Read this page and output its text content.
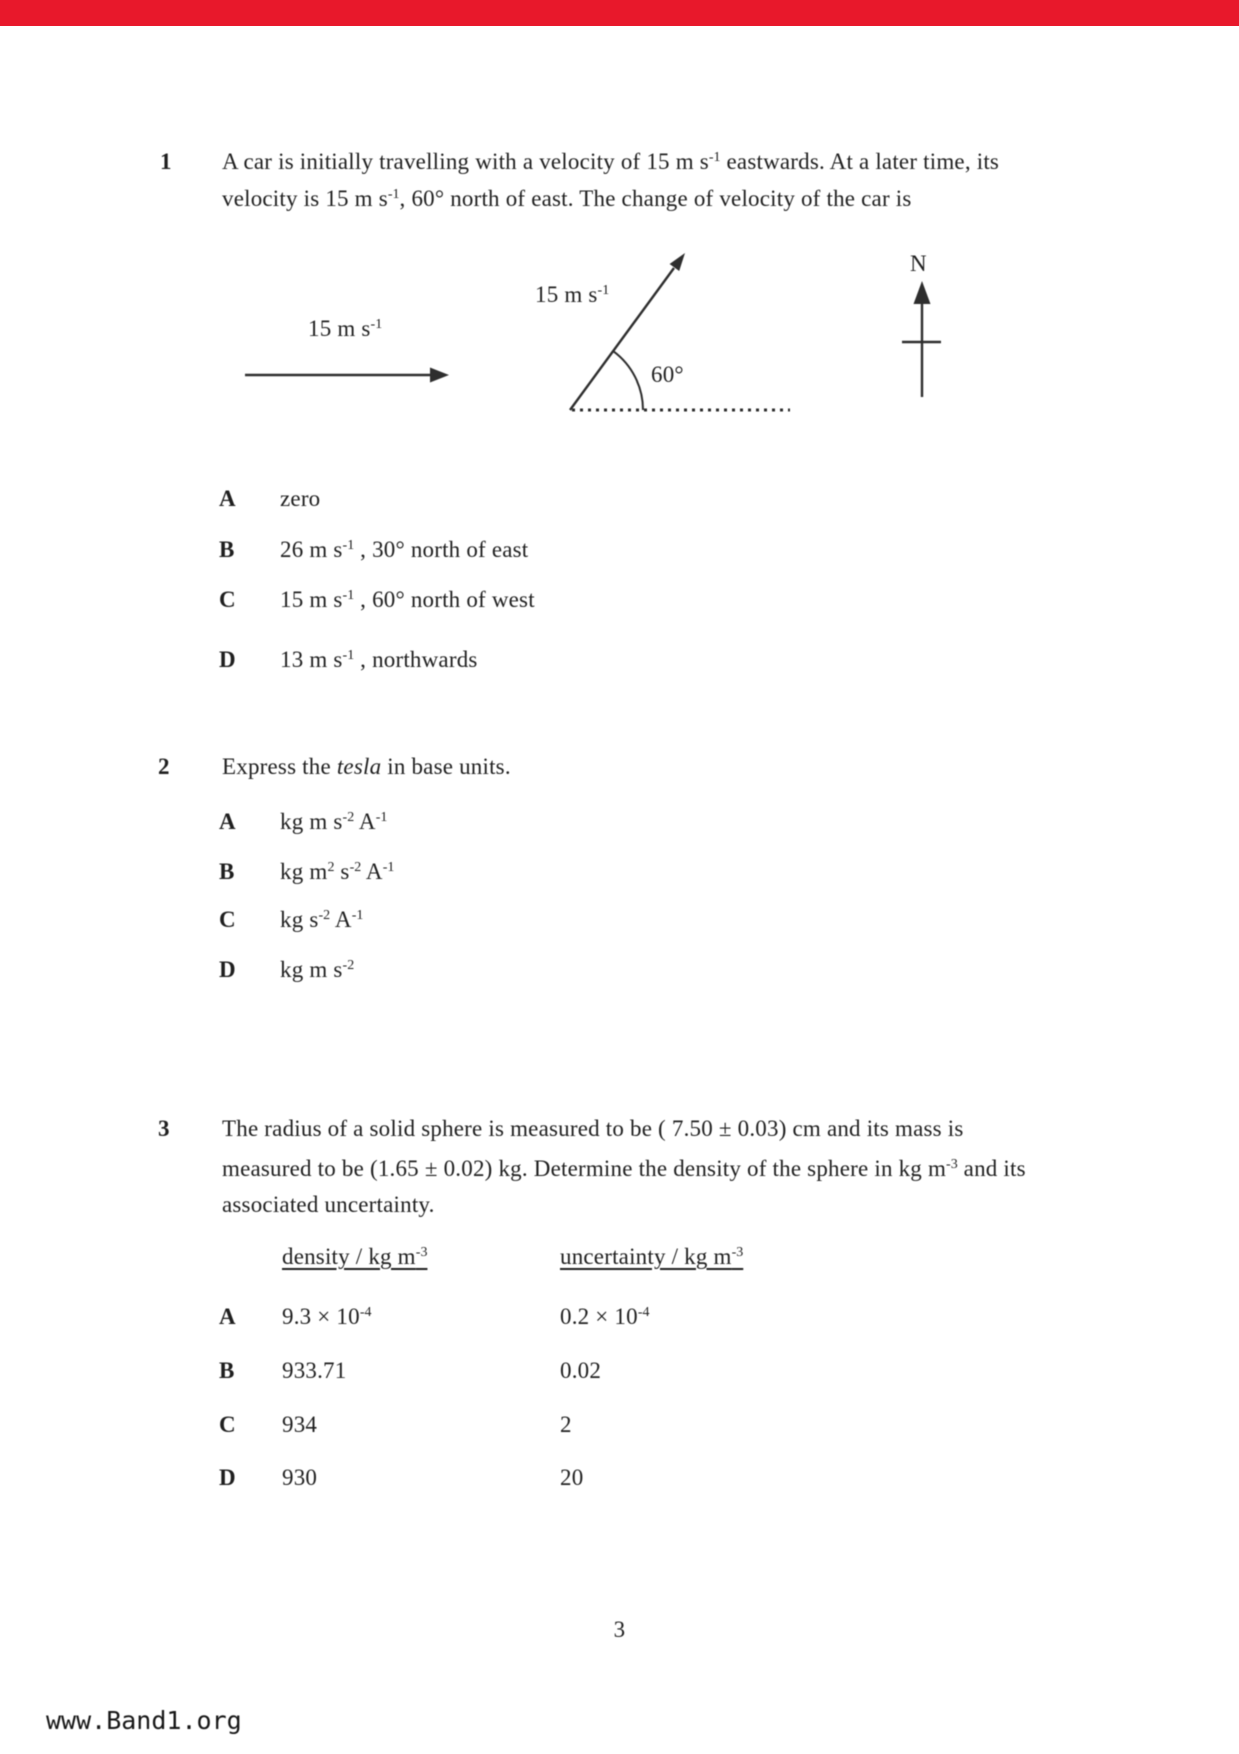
1 A car is initially travelling with a velocity of 15 m $s^{-1}$ eastwards. At a later time, its
velocity is 15 m $s^{-1}$, 60° north of east. The change of velocity of the car is
15 m $s^{-1}$
15 m $s^{-1}$
60°
N
A zero
B 26 m $s^{-1}$ , 30° north of east
C 15 m $s^{-1}$ , 60° north of west
D 13 m $s^{-1}$ , northwards
2 Express the tesla in base units.
A kg m $s^{-2}$ $A^{-1}$
B kg $m^2$ $s^{-2}$ $A^{-1}$
C kg $s^{-2}$ $A^{-1}$
D kg m $s^{-2}$
3 The radius of a solid sphere is measured to be ( 7.50 ± 0.03) cm and its mass is
measured to be (1.65 ± 0.02) kg. Determine the density of the sphere in kg $m^{-3}$ and its
associated uncertainty.
density / kg $m^{-3}$	uncertainty / kg $m^{-3}$
A $9.3 \times 10^{-4}$	$0.2 \times 10^{-4}$
B 933.71	0.02
C 934	2
D 930	20
3
www.Band1.org
